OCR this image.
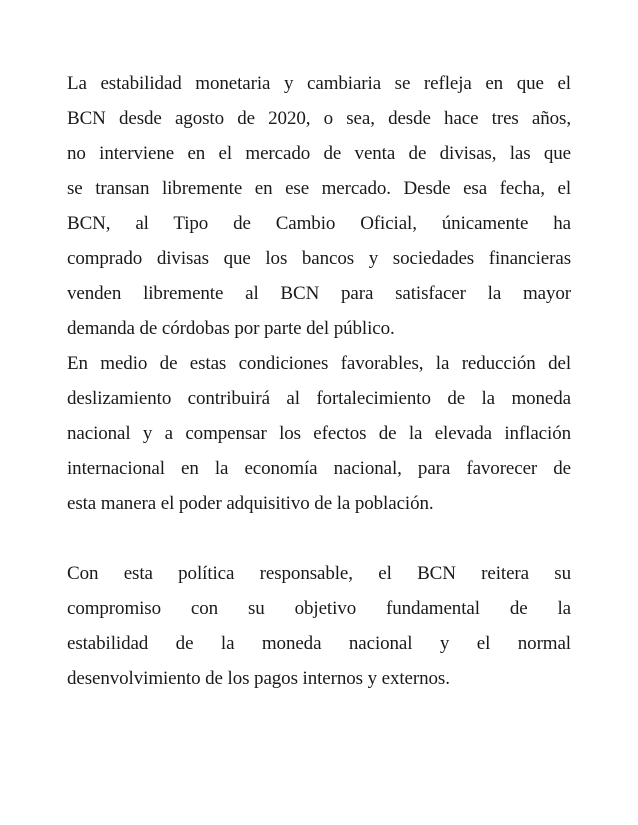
La estabilidad monetaria y cambiaria se refleja en que el
BCN desde agosto de 2020, o sea, desde hace tres años,
no interviene en el mercado de venta de divisas, las que
se transan libremente en ese mercado. Desde esa fecha, el
BCN, al Tipo de Cambio Oficial, únicamente ha
comprado divisas que los bancos y sociedades financieras
venden libremente al BCN para satisfacer la mayor
demanda de córdobas por parte del público.

En medio de estas condiciones favorables, la reducción del
deslizamiento contribuirá al fortalecimiento de la moneda
nacional y a compensar los efectos de la elevada inflación
internacional en la economía nacional, para favorecer de
esta manera el poder adquisitivo de la población.

Con esta política responsable, el BCN reitera su
compromiso con su objetivo fundamental de la
estabilidad de la moneda nacional y el normal
desenvolvimiento de los pagos internos y externos.
